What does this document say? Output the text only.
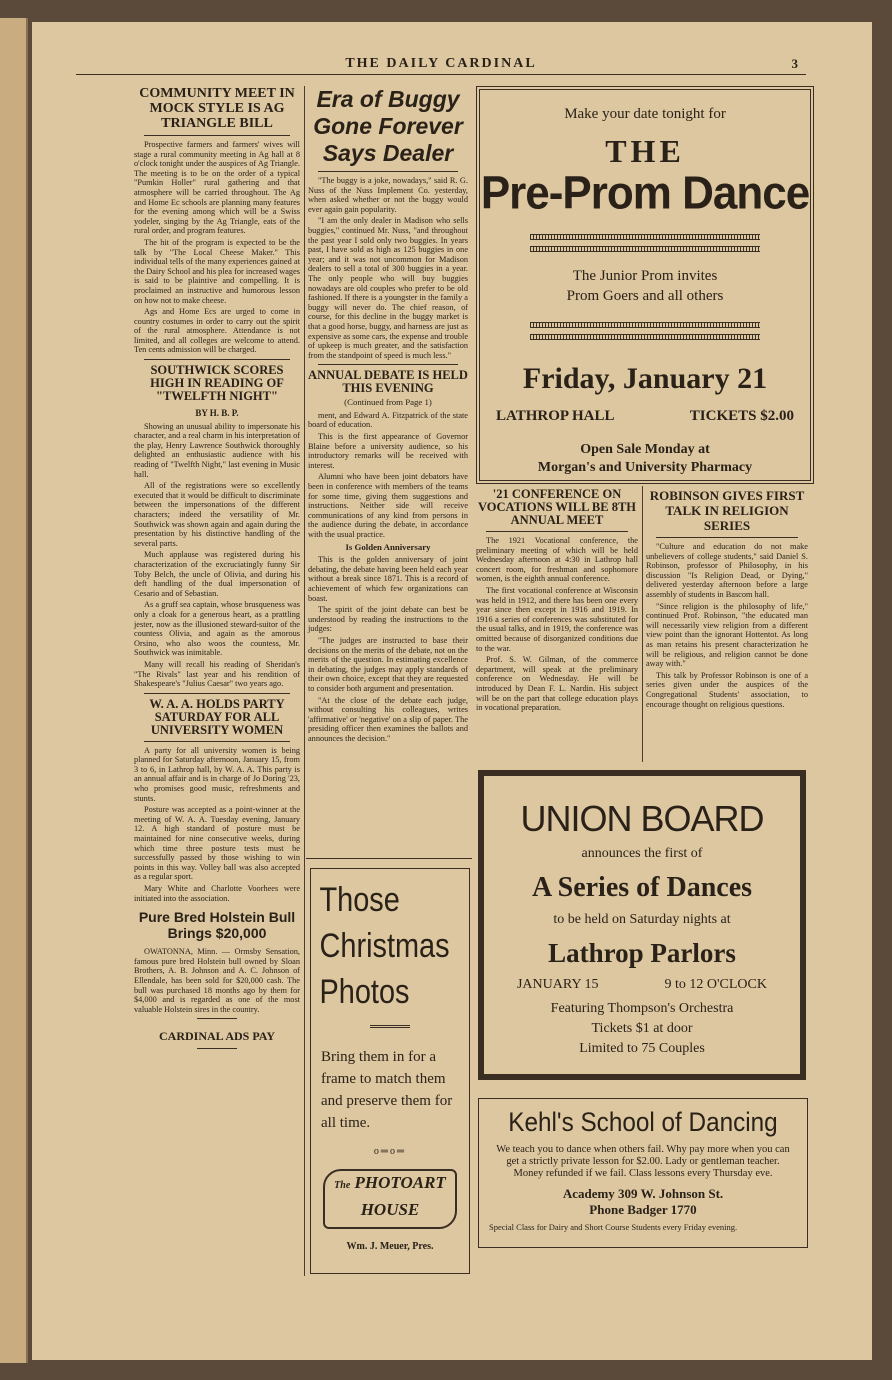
THE DAILY CARDINAL	3
COMMUNITY MEET IN MOCK STYLE IS AG TRIANGLE BILL

Prospective farmers and farmers' wives will stage a rural community meeting in Ag hall at 8 o'clock tonight under the auspices of Ag Triangle. The meeting is to be on the order of a typical "Pumkin Holler" rural gathering and that atmosphere will be carried throughout. The Ag and Home Ec schools are planning many features for the evening among which will be a Swiss yodeler, singing by the Ag Triangle, eats of the rural order, and program features.

The hit of the program is expected to be the talk by "The Local Cheese Maker." This individual tells of the many experiences gained at the Dairy School and his plea for increased wages is said to be plaintive and compelling. It is proclaimed an instructive and humorous lesson on how not to make cheese.

Ags and Home Ecs are urged to come in country costumes in order to carry out the spirit of the rural atmosphere. Attendance is not limited, and all colleges are welcome to attend. Ten cents admission will be charged.

SOUTHWICK SCORES HIGH IN READING OF "TWELFTH NIGHT"
BY H. B. P.

Showing an unusual ability to impersonate his character, and a real charm in his interpretation of the play, Henry Lawrence Southwick thoroughly delighted an enthusiastic audience with his reading of "Twelfth Night," last evening in Music hall.

All of the registrations were so excellently executed that it would be difficult to discriminate between the impersonations of the different characters; indeed the versatility of Mr. Southwick was shown again and again during the presentation by his distinctive handling of the several parts.

Much applause was registered during his characterization of the excruciatingly funny Sir Toby Belch, the uncle of Olivia, and during his deft handling of the dual impersonation of Cesario and of Sebastian.

As a gruff sea captain, whose brusqueness was only a cloak for a generous heart, as a prattling jester, now as the illusioned steward-suitor of the countess Olivia, and again as the amorous Orsino, who also woos the countess, Mr. Southwick was inimitable.

Many will recall his reading of Sheridan's "The Rivals" last year and his rendition of Shakespeare's "Julius Caesar" two years ago.

W. A. A. HOLDS PARTY SATURDAY FOR ALL UNIVERSITY WOMEN

A party for all university women is being planned for Saturday afternoon, January 15, from 3 to 6, in Lathrop hall, by W. A. A. This party is an annual affair and is in charge of Jo Doring '23, who promises good music, refreshments and stunts.

Posture was accepted as a point-winner at the meeting of W. A. A. Tuesday evening, January 12. A high standard of posture must be maintained for nine consecutive weeks, during which time three posture tests must be successfully passed by those wishing to win points in this way. Volley ball was also accepted as a regular sport.

Mary White and Charlotte Voorhees were initiated into the association.

Pure Bred Holstein Bull Brings $20,000

OWATONNA, Minn. — Ormsby Sensation, famous pure bred Holstein bull owned by Sloan Brothers, A. B. Johnson and A. C. Johnson of Ellendale, has been sold for $20,000 cash. The bull was purchased 18 months ago by them for $4,000 and is regarded as one of the most valuable Holstein sires in the country.

CARDINAL ADS PAY
Era of Buggy Gone Forever Says Dealer

"The buggy is a joke, nowadays," said R. G. Nuss of the Nuss Implement Co. yesterday, when asked whether or not the buggy would ever again gain popularity.

"I am the only dealer in Madison who sells buggies," continued Mr. Nuss, "and throughout the past year I sold only two buggies. In years past, I have sold as high as 125 buggies in one year; and it was not uncommon for Madison dealers to sell a total of 300 buggies in a year. The only people who will buy buggies nowadays are old couples who prefer to be old fashioned. If there is a youngster in the family a buggy will never do. The chief reason, of course, for this decline in the buggy market is that a good horse, buggy, and harness are just as expensive as some cars, the expense and trouble of upkeep is much greater, and the satisfaction from the standpoint of speed is much less."

ANNUAL DEBATE IS HELD THIS EVENING
(Continued from Page 1)

ment, and Edward A. Fitzpatrick of the state board of education.

This is the first appearance of Governor Blaine before a university audience, so his introductory remarks will be received with interest.

Alumni who have been joint debators have been in conference with members of the teams for some time, giving them suggestions and instructions. Neither side will receive communications of any kind from persons in the audience during the debate, in accordance with the usual practice.

Is Golden Anniversary

This is the golden anniversary of joint debating, the debate having been held each year without a break since 1871. This is a record of achievement of which few organizations can boast.

The spirit of the joint debate can best be understood by reading the instructions to the judges:

"The judges are instructed to base their decisions on the merits of the debate, not on the merits of the question. In estimating excellence in debating, the judges may apply standards of their own choice, except that they are requested to consider both argument and presentation.

"At the close of the debate each judge, without consulting his colleagues, writes 'affirmative' or 'negative' on a slip of paper. The presiding officer then examines the ballots and announces the decision."

Those
Christmas
Photos
Bring them in for a frame to match them and preserve them for all time.
o═o═
The PHOTOART
HOUSE
Wm. J. Meuer, Pres.
Make your date tonight for
THE
Pre-Prom Dance
The Junior Prom invites
Prom Goers and all others
Friday, January 21
LATHROP HALL	TICKETS $2.00
Open Sale Monday at
Morgan's and University Pharmacy
'21 CONFERENCE ON VOCATIONS WILL BE 8TH ANNUAL MEET

The 1921 Vocational conference, the preliminary meeting of which will be held Wednesday afternoon at 4:30 in Lathrop hall concert room, for freshman and sophomore women, is the eighth annual conference.

The first vocational conference at Wisconsin was held in 1912, and there has been one every year since then except in 1916 and 1919. In 1916 a series of conferences was substituted for the usual talks, and in 1919, the conference was omitted because of disorganized conditions due to the war.

Prof. S. W. Gilman, of the commerce department, will speak at the preliminary conference on Wednesday. He will be introduced by Dean F. L. Nardin. His subject will be on the part that college education plays in vocational preparation.

ROBINSON GIVES FIRST TALK IN RELIGION SERIES

"Culture and education do not make unbelievers of college students," said Daniel S. Robinson, professor of Philosophy, in his discussion "Is Religion Dead, or Dying," delivered yesterday afternoon before a large assembly of students in Bascom hall.

"Since religion is the philosophy of life," continued Prof. Robinson, "the educated man will necessarily view religion from a different view point than the ignorant Hottentot. As long as man retains his present characterization he will be religious, and religion cannot be done away with."

This talk by Professor Robinson is one of a series given under the auspices of the Congregational Students' association, to encourage thought on religious questions.

UNION BOARD
announces the first of
A Series of Dances
to be held on Saturday nights at
Lathrop Parlors
JANUARY 15	9 to 12 O'CLOCK
Featuring Thompson's Orchestra
Tickets $1 at door
Limited to 75 Couples
Kehl's School of Dancing
We teach you to dance when others fail. Why pay more when you can get a strictly private lesson for $2.00. Lady or gentleman teacher. Money refunded if we fail. Class lessons every Thursday eve.
Academy 309 W. Johnson St.
Phone Badger 1770
Special Class for Dairy and Short Course Students every Friday evening.
